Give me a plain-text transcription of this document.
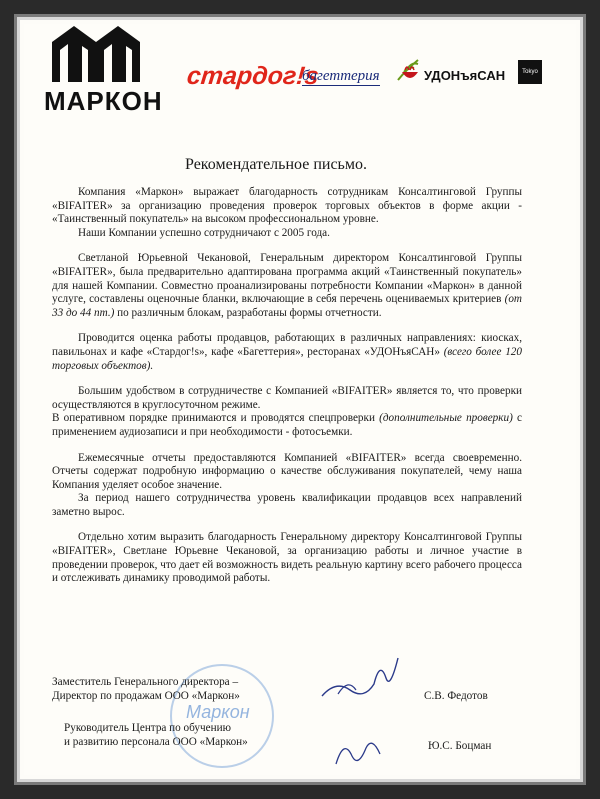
МАРКОН
стардог!s
багеттерия	УДОНъяСАН	Tokyo
Рекомендательное письмо.

Компания «Маркон» выражает благодарность сотрудникам Консалтинговой Группы «BIFAITER» за организацию проведения проверок торговых объектов в форме акции - «Таинственный покупатель» на высоком профессиональном уровне.

Наши Компании успешно сотрудничают с 2005 года.

Светланой Юрьевной Чекановой, Генеральным директором Консалтинговой Группы «BIFAITER», была предварительно адаптирована программа акций «Таинственный покупатель» для нашей Компании. Совместно проанализированы потребности Компании «Маркон» в данной услуге, составлены оценочные бланки, включающие в себя перечень оцениваемых критериев (от 33 до 44 пт.) по различным блокам, разработаны формы отчетности.

Проводится оценка работы продавцов, работающих в различных направлениях: киосках, павильонах и кафе «Стардог!s», кафе «Багеттерия», ресторанах «УДОНъяСАН» (всего более 120 торговых объектов).

Большим удобством в сотрудничестве с Компанией «BIFAITER» является то, что проверки осуществляются в круглосуточном режиме.

В оперативном порядке принимаются и проводятся спецпроверки (дополнительные проверки) с применением аудиозаписи и при необходимости - фотосъемки.

Ежемесячные отчеты предоставляются Компанией «BIFAITER» всегда своевременно. Отчеты содержат подробную информацию о качестве обслуживания покупателей, чему наша Компания уделяет особое значение.

За период нашего сотрудничества уровень квалификации продавцов всех направлений заметно вырос.

Отдельно хотим выразить благодарность Генеральному директору Консалтинговой Группы «BIFAITER», Светлане Юрьевне Чекановой, за организацию работы и личное участие в проведении проверок, что дает ей возможность видеть реальную картину всего рабочего процесса и отслеживать динамику проводимой работы.

Маркон
Заместитель Генерального директора –
Директор по продажам ООО «Маркон»	С.В. Федотов
Руководитель Центра по обучению
и развитию персонала ООО «Маркон»	Ю.С. Боцман
